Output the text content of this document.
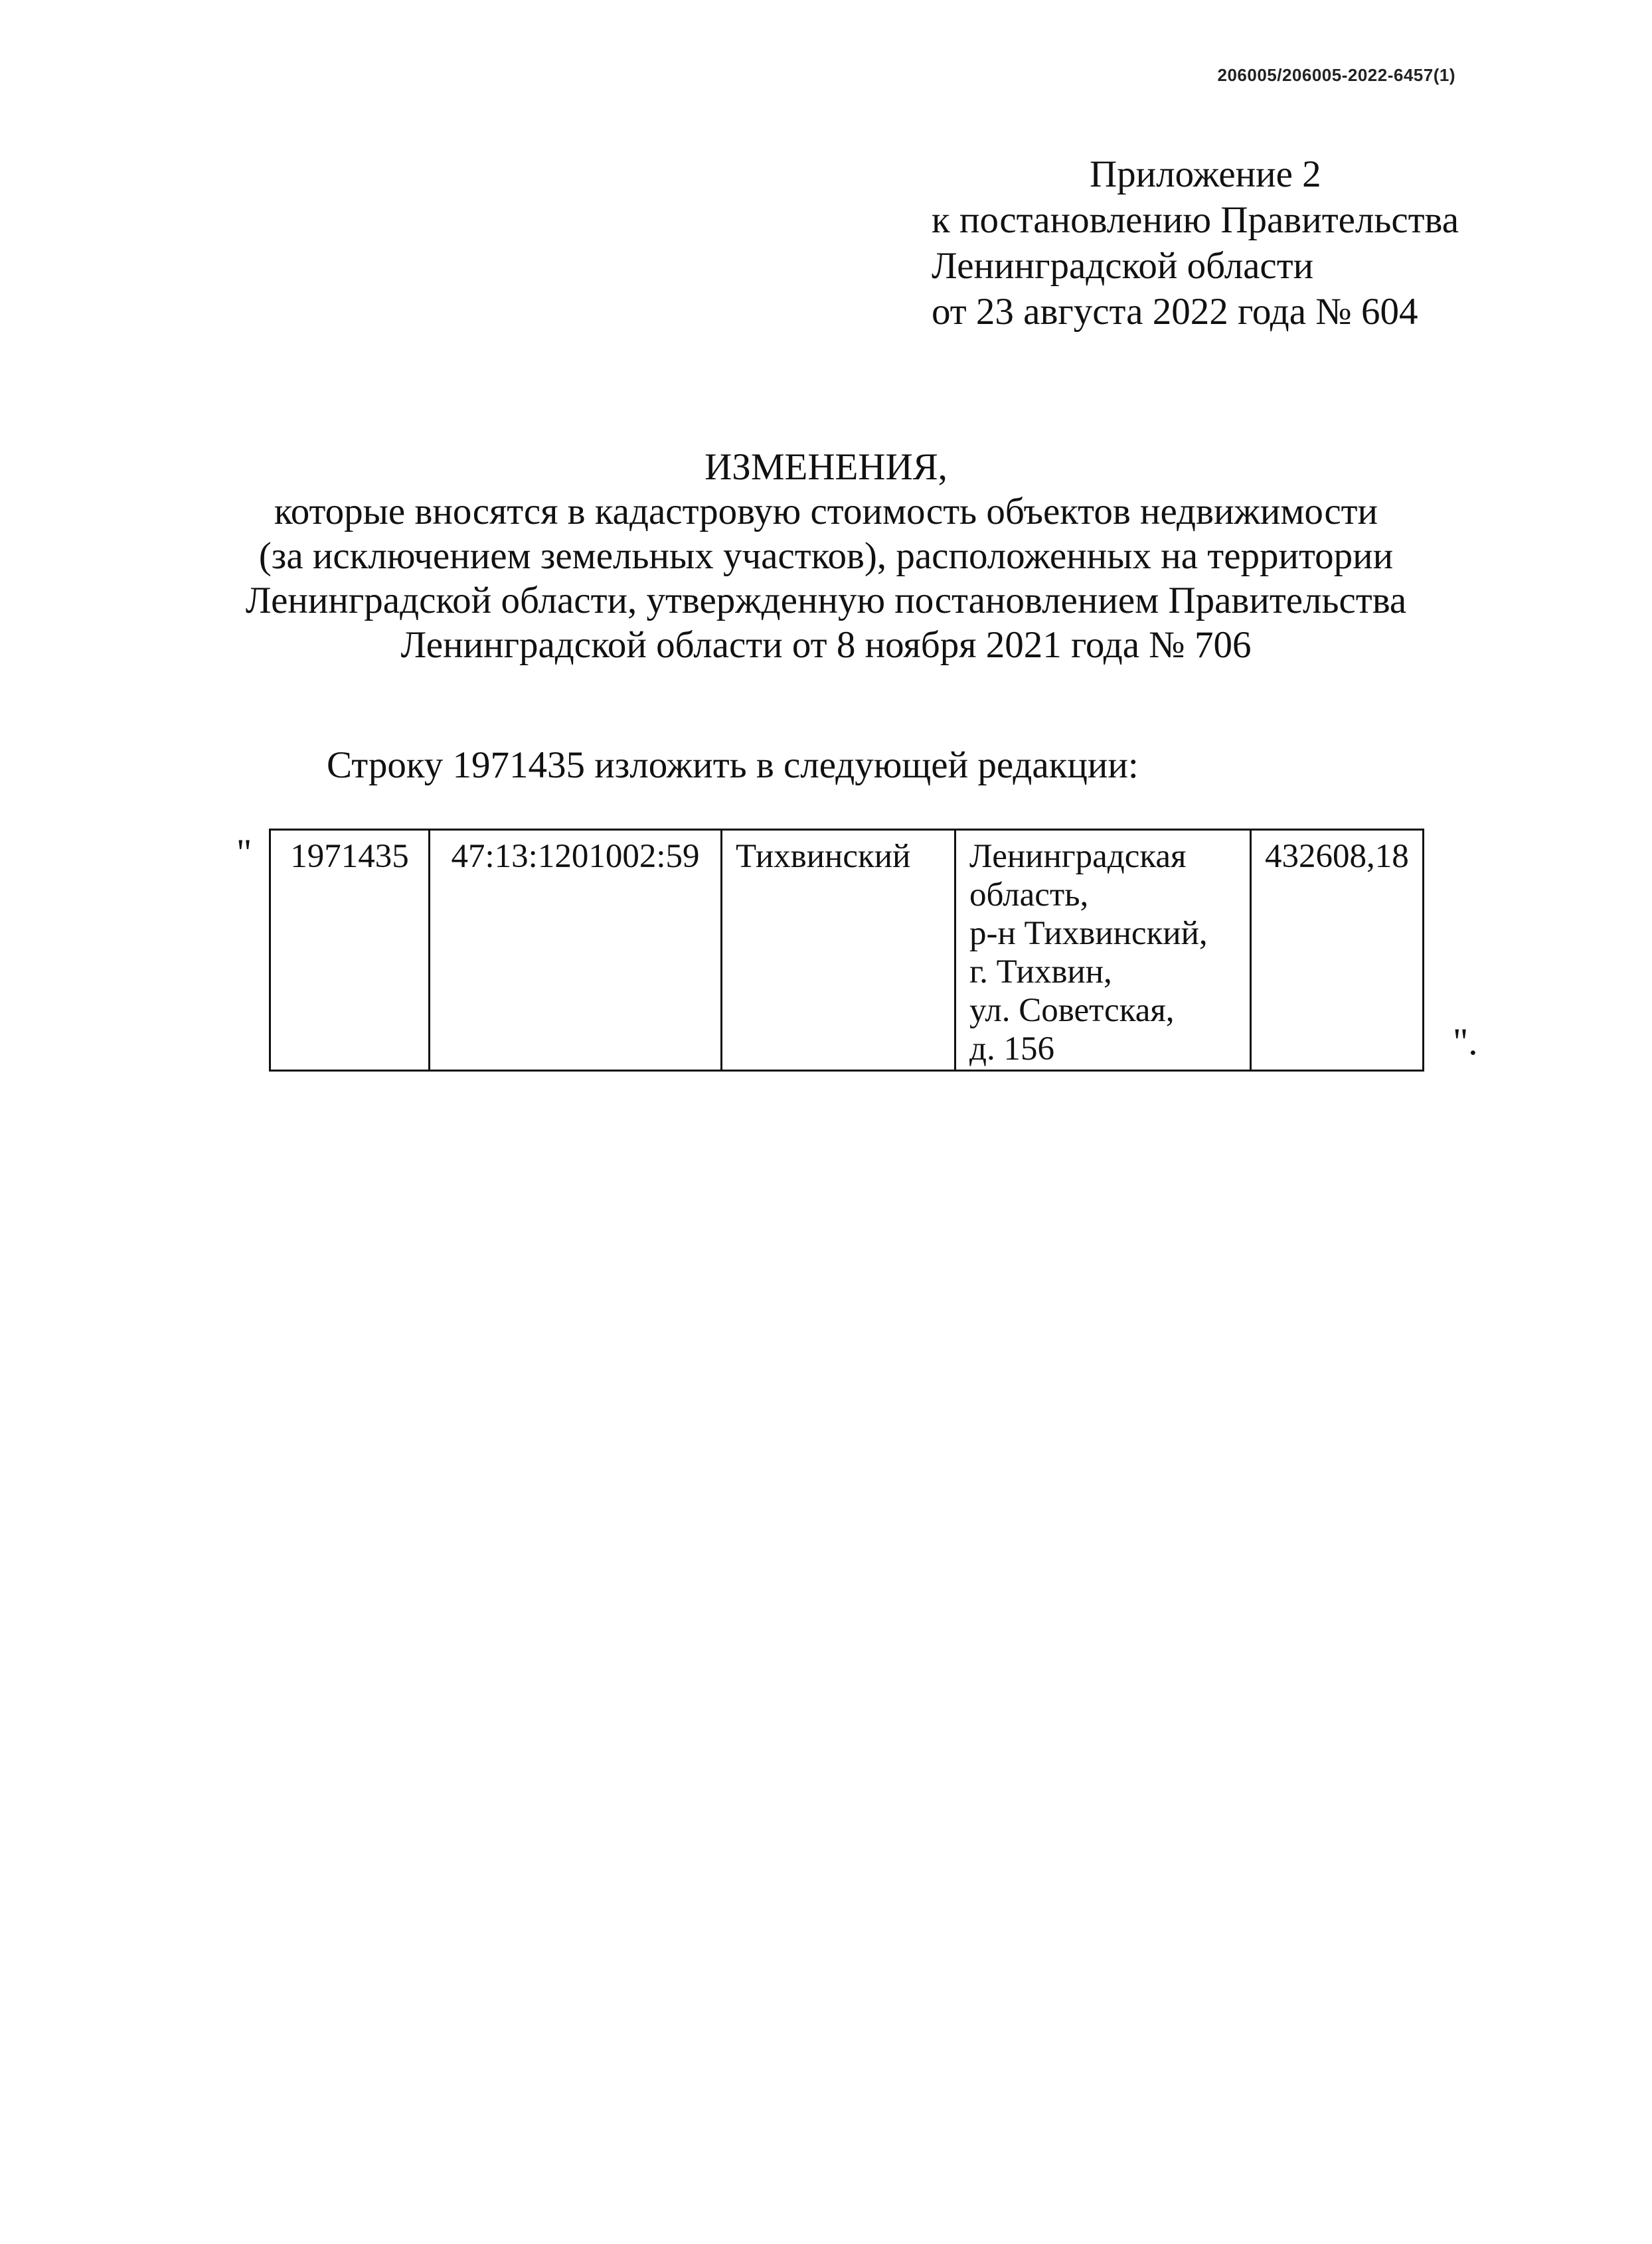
206005/206005-2022-6457(1)
Приложение 2
к постановлению Правительства
Ленинградской области
от 23 августа 2022 года № 604
ИЗМЕНЕНИЯ,
которые вносятся в кадастровую стоимость объектов недвижимости
(за исключением земельных участков), расположенных на территории
Ленинградской области, утвержденную постановлением Правительства
Ленинградской области от 8 ноября 2021 года № 706
Строку 1971435 изложить в следующей редакции:
" 1971435	47:13:1201002:59	Тихвинский	Ленинградская
область,
р-н Тихвинский,
г. Тихвин,
ул. Советская,
д. 156
	432608,18
".
